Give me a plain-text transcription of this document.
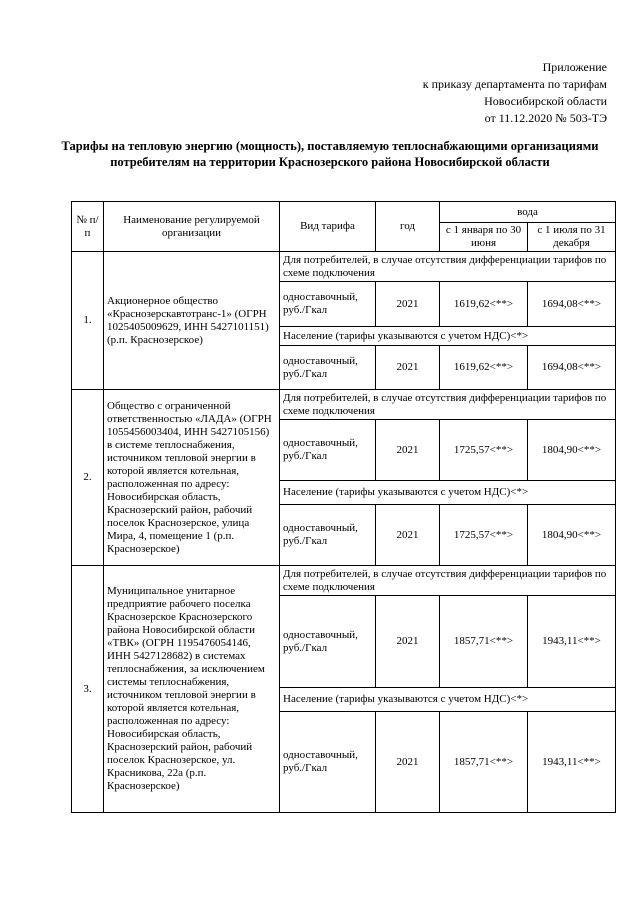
Приложение
к приказу департамента по тарифам
Новосибирской области
от 11.12.2020 № 503-ТЭ
Тарифы на тепловую энергию (мощность), поставляемую теплоснабжающими организациями потребителям на территории Краснозерского района Новосибирской области
№ п/п	Наименование регулируемой организации	Вид тарифа	год	вода	
				с 1 января по 30 июня	с 1 июля по 31 декабря
1.	Акционерное общество «Краснозерскавтотранс-1» (ОГРН 1025405009629, ИНН 5427101151) (р.п. Краснозерское)	Для потребителей, в случае отсутствия дифференциации тарифов по схеме подключения			
		одноставочный, руб./Гкал	2021	1619,62<**>	1694,08<**>
		Население (тарифы указываются с учетом НДС)<*>			
		одноставочный, руб./Гкал	2021	1619,62<**>	1694,08<**>
2.	Общество с ограниченной ответственностью «ЛАДА» (ОГРН 1055456003404, ИНН 5427105156) в системе теплоснабжения, источником тепловой энергии в которой является котельная, расположенная по адресу: Новосибирская область, Краснозерский район, рабочий поселок Краснозерское, улица Мира, 4, помещение 1 (р.п. Краснозерское)	Для потребителей, в случае отсутствия дифференциации тарифов по схеме подключения			
		одноставочный, руб./Гкал	2021	1725,57<**>	1804,90<**>
		Население (тарифы указываются с учетом НДС)<*>			
		одноставочный, руб./Гкал	2021	1725,57<**>	1804,90<**>
3.	Муниципальное унитарное предприятие рабочего поселка Краснозерское Краснозерского района Новосибирской области «ТВК» (ОГРН 1195476054146, ИНН 5427128682) в системах теплоснабжения, за исключением системы теплоснабжения, источником тепловой энергии в которой является котельная, расположенная по адресу: Новосибирская область, Краснозерский район, рабочий поселок Краснозерское, ул. Красникова, 22а (р.п. Краснозерское)	Для потребителей, в случае отсутствия дифференциации тарифов по схеме подключения			
		одноставочный, руб./Гкал	2021	1857,71<**>	1943,11<**>
		Население (тарифы указываются с учетом НДС)<*>			
		одноставочный, руб./Гкал	2021	1857,71<**>	1943,11<**>
